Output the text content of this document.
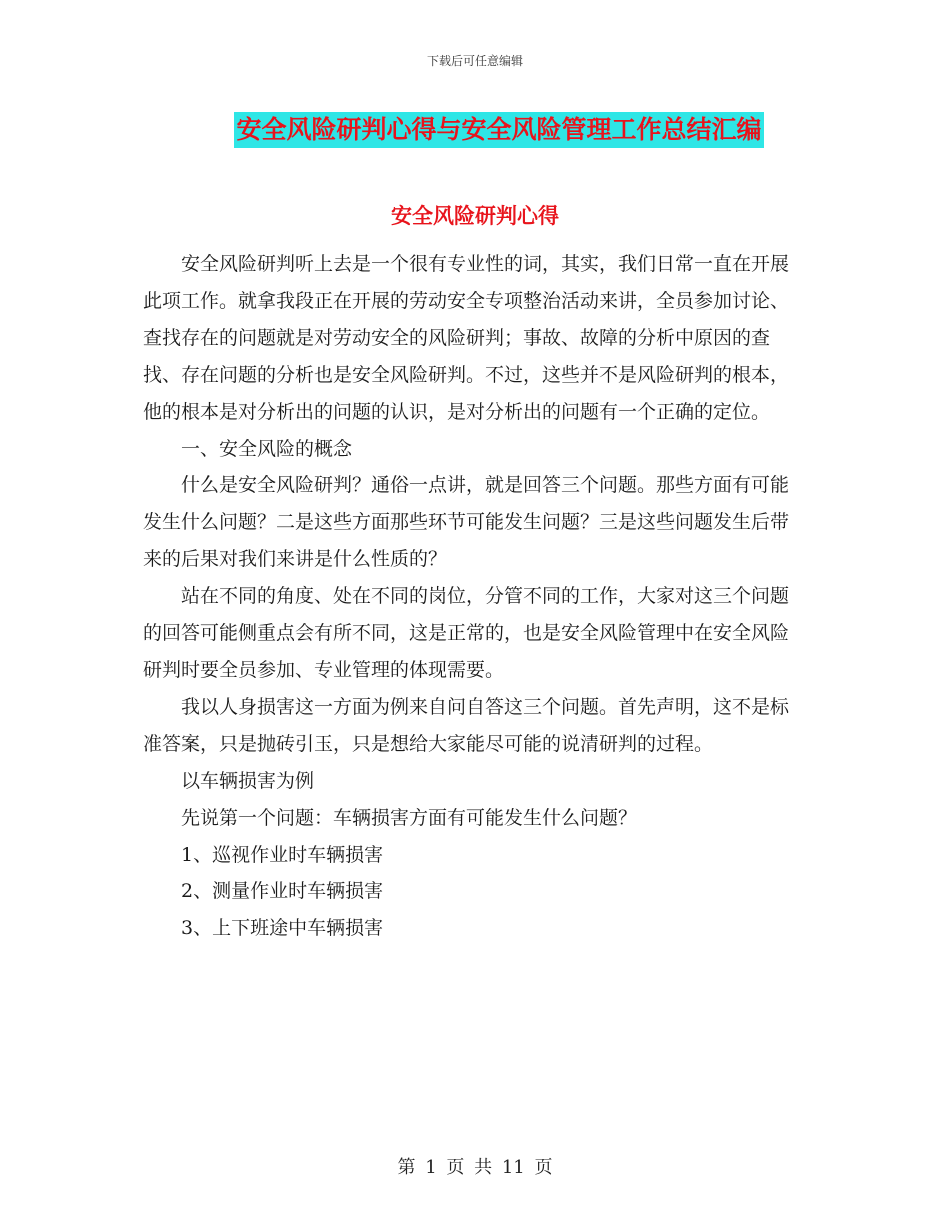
下载后可任意编辑
安全风险研判心得与安全风险管理工作总结汇编
安全风险研判心得

安全风险研判听上去是一个很有专业性的词，其实，我们日常一直在开展此项工作。就拿我段正在开展的劳动安全专项整治活动来讲，全员参加讨论、查找存在的问题就是对劳动安全的风险研判；事故、故障的分析中原因的查找、存在问题的分析也是安全风险研判。不过，这些并不是风险研判的根本，他的根本是对分析出的问题的认识，是对分析出的问题有一个正确的定位。

一、安全风险的概念

什么是安全风险研判？通俗一点讲，就是回答三个问题。那些方面有可能发生什么问题？二是这些方面那些环节可能发生问题？三是这些问题发生后带来的后果对我们来讲是什么性质的？

站在不同的角度、处在不同的岗位，分管不同的工作，大家对这三个问题的回答可能侧重点会有所不同，这是正常的，也是安全风险管理中在安全风险研判时要全员参加、专业管理的体现需要。

我以人身损害这一方面为例来自问自答这三个问题。首先声明，这不是标准答案，只是抛砖引玉，只是想给大家能尽可能的说清研判的过程。

以车辆损害为例

先说第一个问题：车辆损害方面有可能发生什么问题？

1、巡视作业时车辆损害

2、测量作业时车辆损害

3、上下班途中车辆损害

第 1 页 共 11 页
